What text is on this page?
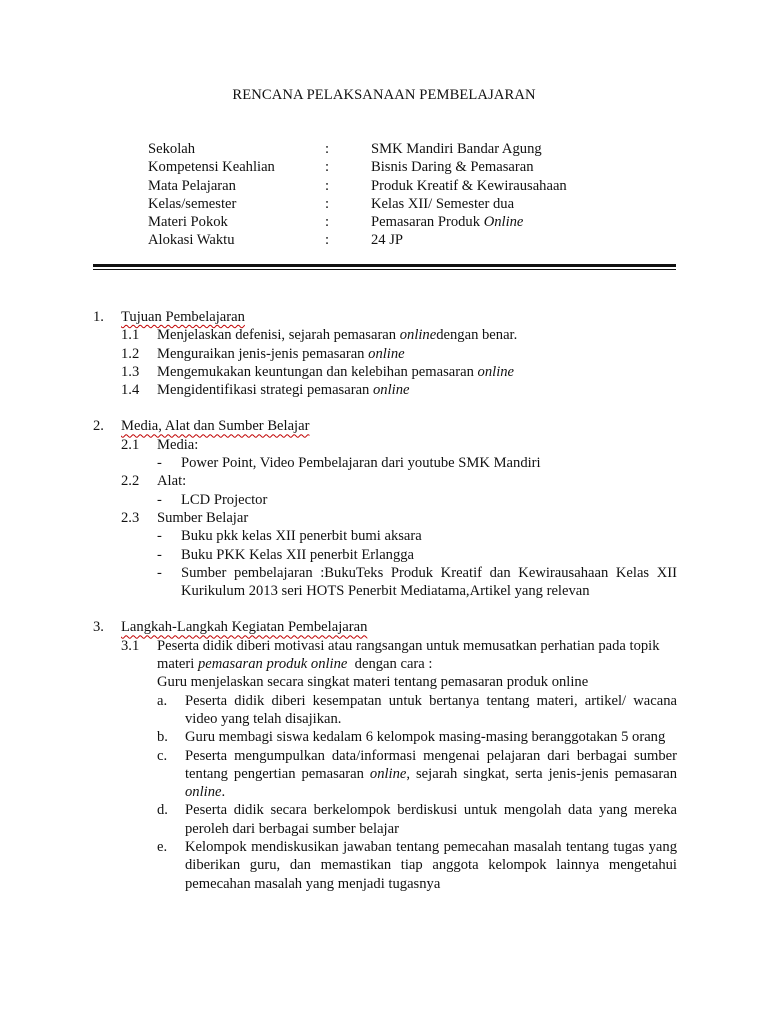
RENCANA PELAKSANAAN PEMBELAJARAN
Sekolah	:	SMK Mandiri Bandar Agung
Kompetensi Keahlian	:	Bisnis Daring & Pemasaran
Mata Pelajaran	:	Produk Kreatif & Kewirausahaan
Kelas/semester	:	Kelas XII/ Semester dua
Materi Pokok	:	Pemasaran Produk Online
Alokasi Waktu	:	24 JP
1.	Tujuan Pembelajaran
1.1	Menjelaskan defenisi, sejarah pemasaran onlinedengan benar.
1.2	Menguraikan jenis-jenis pemasaran online
1.3	Mengemukakan keuntungan dan kelebihan pemasaran online
1.4	Mengidentifikasi strategi pemasaran online
2.	Media, Alat dan Sumber Belajar
2.1	Media:
-	Power Point, Video Pembelajaran dari youtube SMK Mandiri
2.2	Alat:
-	LCD Projector
2.3	Sumber Belajar
-	Buku pkk kelas XII penerbit bumi aksara
-	Buku PKK Kelas XII penerbit Erlangga
-	Sumber pembelajaran :BukuTeks Produk Kreatif dan Kewirausahaan Kelas XII Kurikulum 2013 seri HOTS Penerbit Mediatama,Artikel yang relevan
3.	Langkah-Langkah Kegiatan Pembelajaran
3.1	Peserta didik diberi motivasi atau rangsangan untuk memusatkan perhatian pada topik materi pemasaran produk online  dengan cara :
Guru menjelaskan secara singkat materi tentang pemasaran produk online
a.	Peserta didik diberi kesempatan untuk bertanya tentang materi, artikel/ wacana video yang telah disajikan.
b.	Guru membagi siswa kedalam 6 kelompok masing-masing beranggotakan 5 orang
c.	Peserta mengumpulkan data/informasi mengenai pelajaran dari berbagai sumber tentang pengertian pemasaran online, sejarah singkat, serta jenis-jenis pemasaran online.
d.	Peserta didik secara berkelompok berdiskusi untuk mengolah data yang mereka peroleh dari berbagai sumber belajar
e.	Kelompok mendiskusikan jawaban tentang pemecahan masalah tentang tugas yang diberikan guru, dan memastikan tiap anggota kelompok lainnya mengetahui pemecahan masalah yang menjadi tugasnya
